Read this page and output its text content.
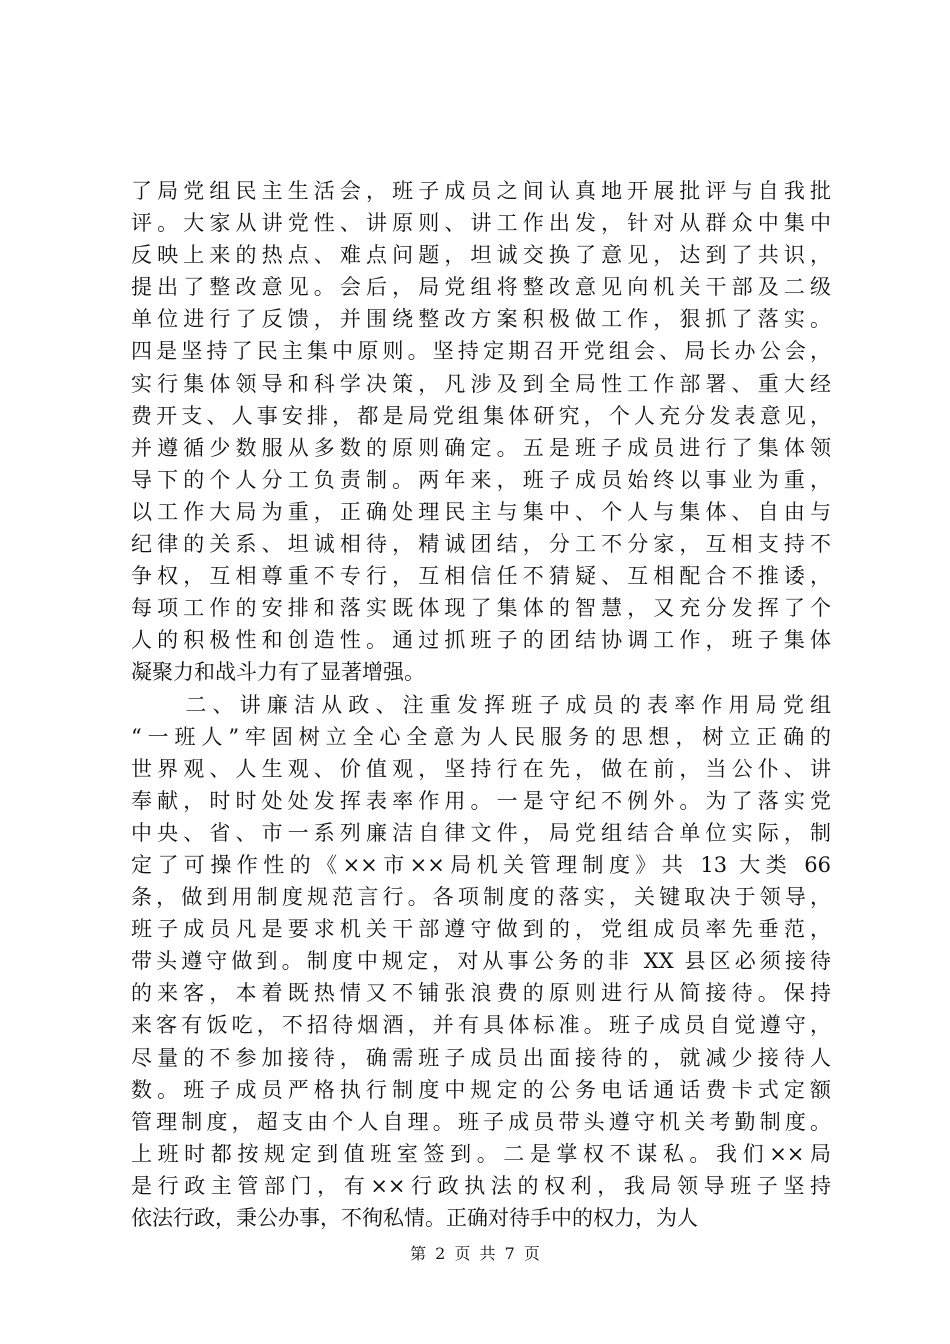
了局党组民主生活会，班子成员之间认真地开展批评与自我批
评。大家从讲党性、讲原则、讲工作出发，针对从群众中集中
反映上来的热点、难点问题，坦诚交换了意见，达到了共识，
提出了整改意见。会后，局党组将整改意见向机关干部及二级
单位进行了反馈，并围绕整改方案积极做工作，狠抓了落实。
四是坚持了民主集中原则。坚持定期召开党组会、局长办公会，
实行集体领导和科学决策，凡涉及到全局性工作部署、重大经
费开支、人事安排，都是局党组集体研究，个人充分发表意见，
并遵循少数服从多数的原则确定。五是班子成员进行了集体领
导下的个人分工负责制。两年来，班子成员始终以事业为重，
以工作大局为重，正确处理民主与集中、个人与集体、自由与
纪律的关系、坦诚相待，精诚团结，分工不分家，互相支持不
争权，互相尊重不专行，互相信任不猜疑、互相配合不推诿，
每项工作的安排和落实既体现了集体的智慧，又充分发挥了个
人的积极性和创造性。通过抓班子的团结协调工作，班子集体
凝聚力和战斗力有了显著增强。
　　二、讲廉洁从政、注重发挥班子成员的表率作用局党组
“一班人”牢固树立全心全意为人民服务的思想，树立正确的
世界观、人生观、价值观，坚持行在先，做在前，当公仆、讲
奉献，时时处处发挥表率作用。一是守纪不例外。为了落实党
中央、省、市一系列廉洁自律文件，局党组结合单位实际，制
定了可操作性的《××市××局机关管理制度》共 13 大类 66
条，做到用制度规范言行。各项制度的落实，关键取决于领导，
班子成员凡是要求机关干部遵守做到的，党组成员率先垂范，
带头遵守做到。制度中规定，对从事公务的非 XX 县区必须接待
的来客，本着既热情又不铺张浪费的原则进行从简接待。保持
来客有饭吃，不招待烟酒，并有具体标准。班子成员自觉遵守，
尽量的不参加接待，确需班子成员出面接待的，就减少接待人
数。班子成员严格执行制度中规定的公务电话通话费卡式定额
管理制度，超支由个人自理。班子成员带头遵守机关考勤制度。
上班时都按规定到值班室签到。二是掌权不谋私。我们××局
是行政主管部门，有××行政执法的权利，我局领导班子坚持
依法行政，秉公办事，不徇私情。正确对待手中的权力，为人
第 2 页 共 7 页
